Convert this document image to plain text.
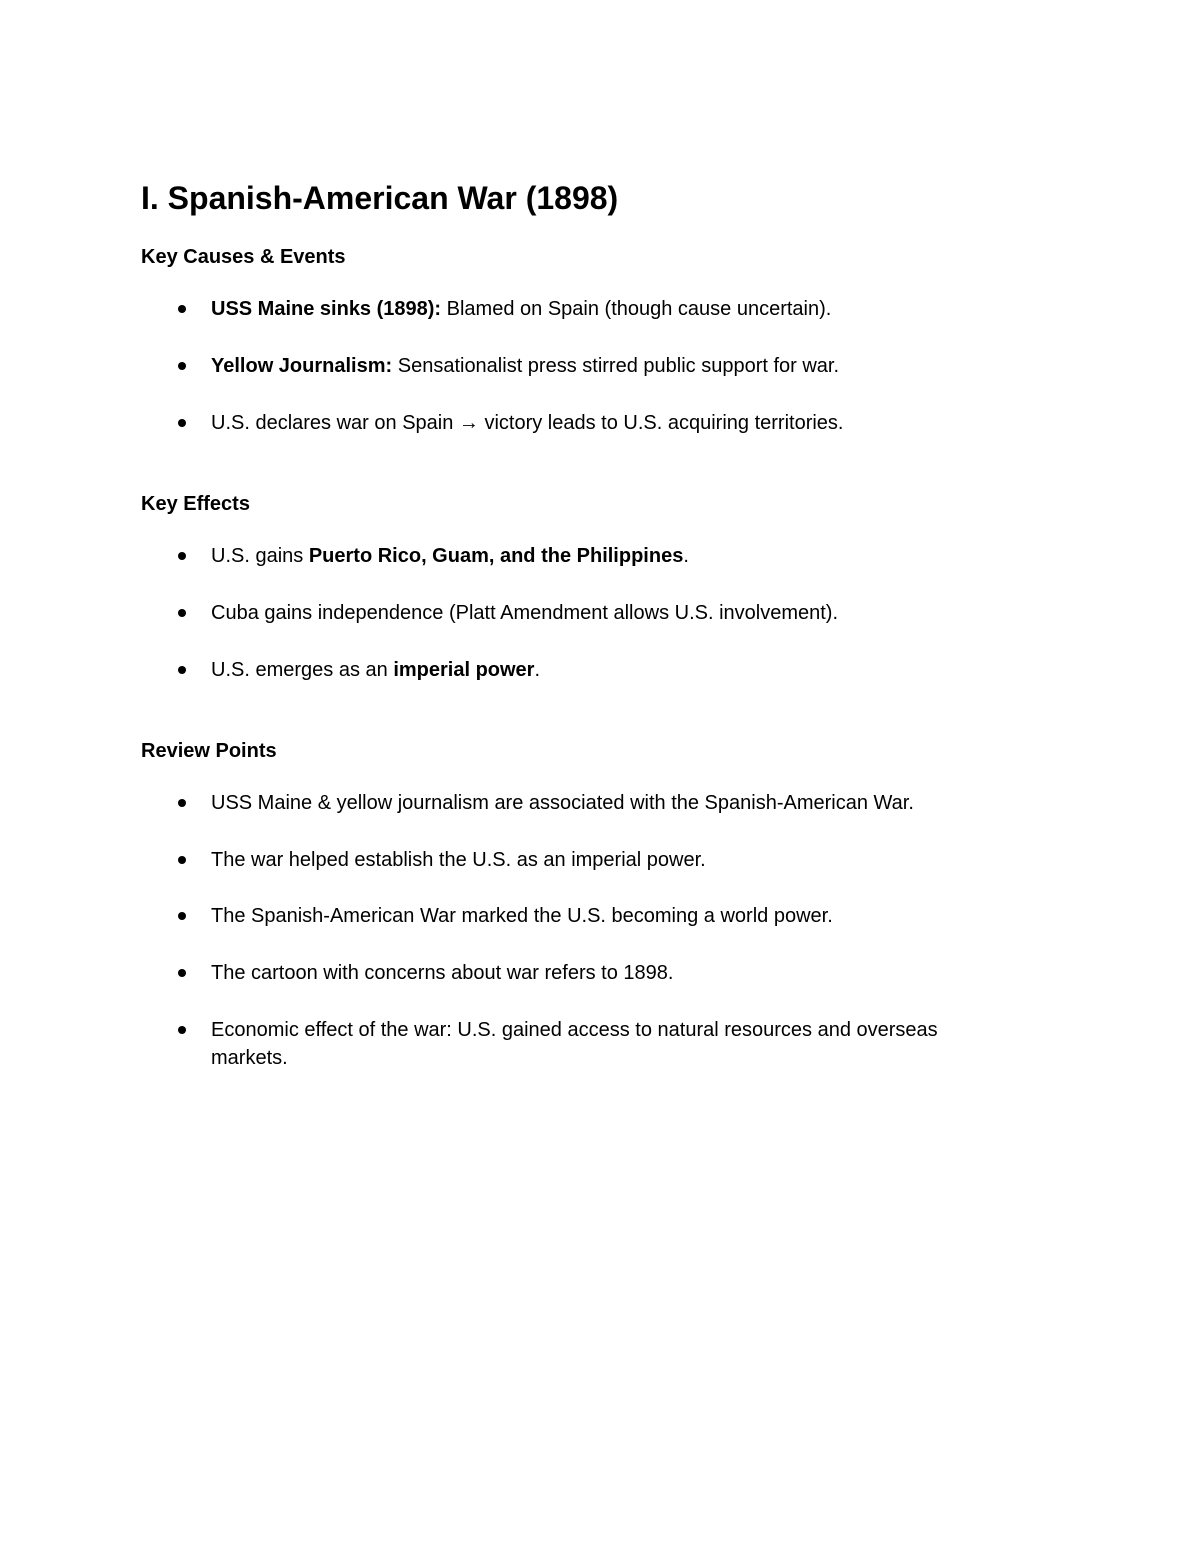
I. Spanish-American War (1898)
Key Causes & Events
USS Maine sinks (1898): Blamed on Spain (though cause uncertain).
Yellow Journalism: Sensationalist press stirred public support for war.
U.S. declares war on Spain → victory leads to U.S. acquiring territories.
Key Effects
U.S. gains Puerto Rico, Guam, and the Philippines.
Cuba gains independence (Platt Amendment allows U.S. involvement).
U.S. emerges as an imperial power.
Review Points
USS Maine & yellow journalism are associated with the Spanish-American War.
The war helped establish the U.S. as an imperial power.
The Spanish-American War marked the U.S. becoming a world power.
The cartoon with concerns about war refers to 1898.
Economic effect of the war: U.S. gained access to natural resources and overseas markets.
